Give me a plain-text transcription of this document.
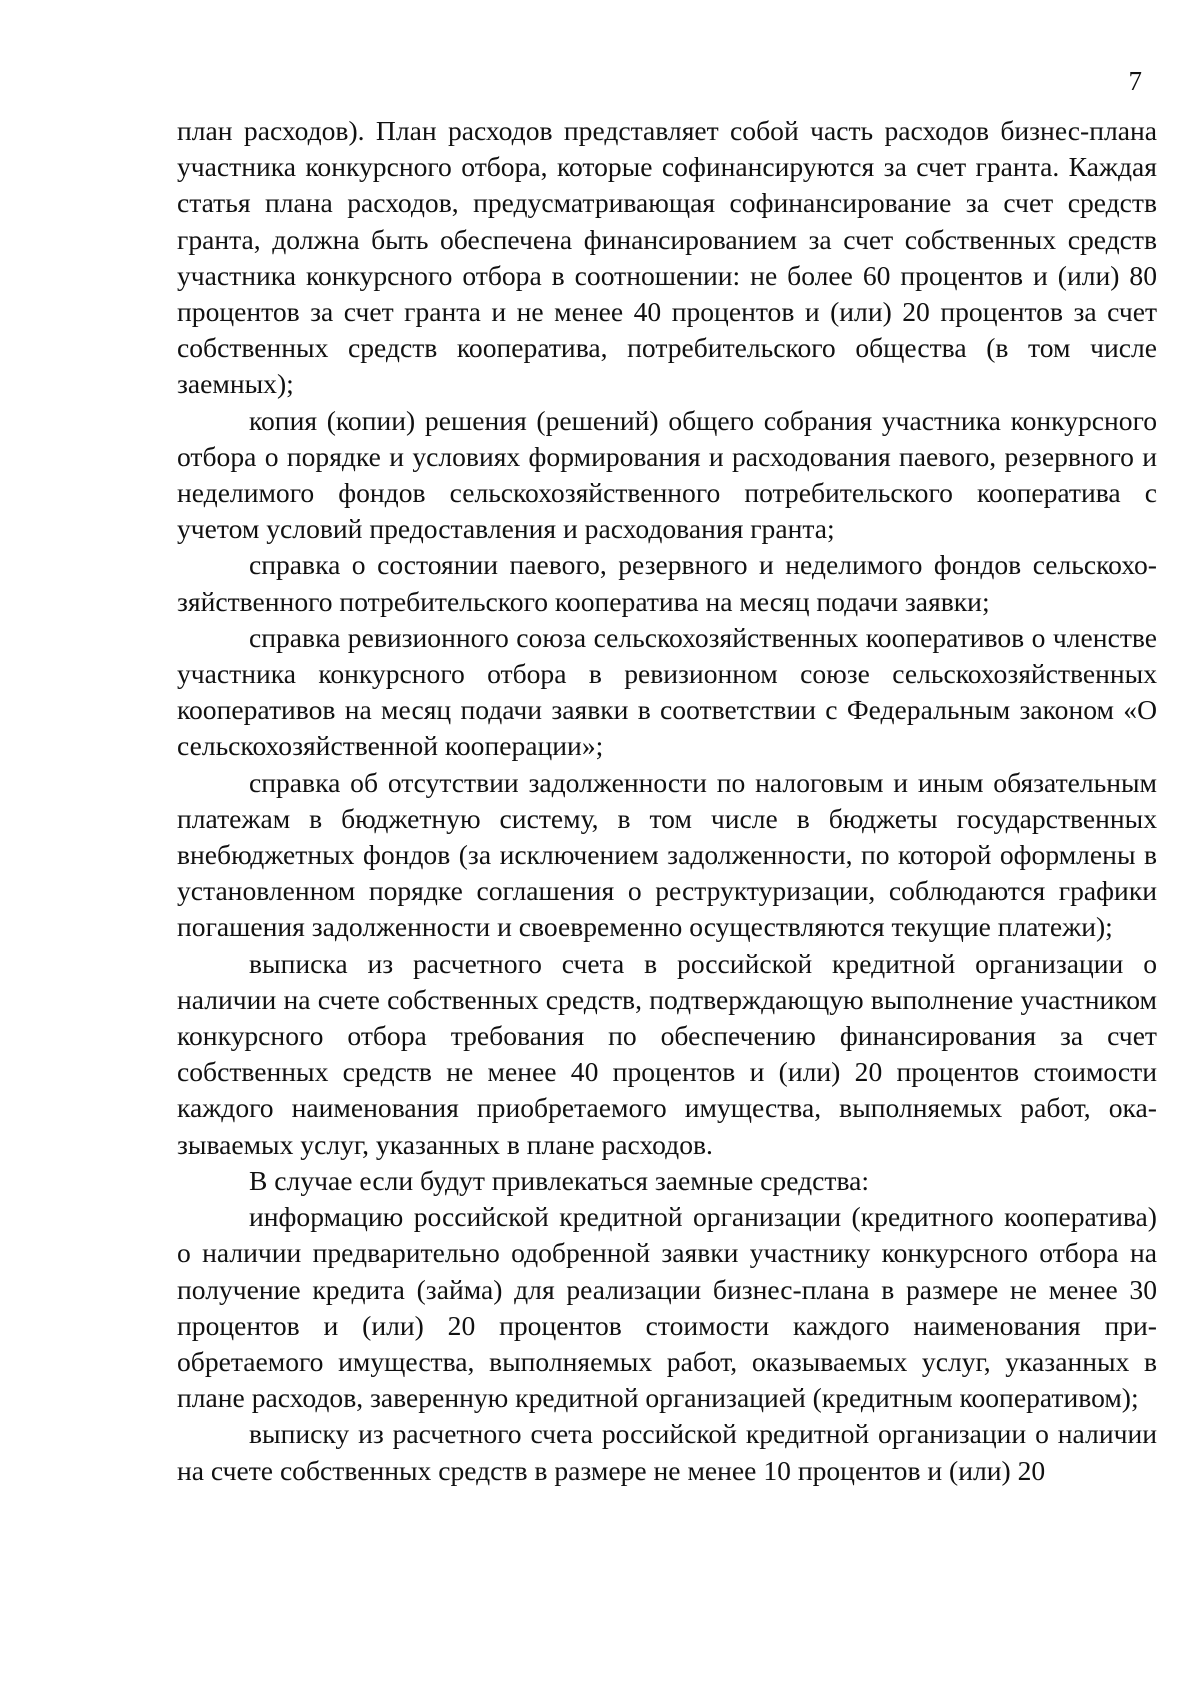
7

план расходов). План расходов представляет собой часть расходов бизнес-плана участника конкурсного отбора, которые софинансируются за счет гранта. Каждая статья плана расходов, предусматривающая софинансирование за счет средств гранта, должна быть обеспечена финансированием за счет собственных средств участника конкурсного отбора в соотношении: не более 60 процентов и (или) 80 процентов за счет гранта и не менее 40 процентов и (или) 20 процентов за счет собственных средств кооператива, потребительского общества (в том числе заемных);

копия (копии) решения (решений) общего собрания участника конкурсного отбора о порядке и условиях формирования и расходования паевого, резервного и неделимого фондов сельскохозяйственного потребительского кооператива с учетом условий предоставления и расходования гранта;

справка о состоянии паевого, резервного и неделимого фондов сельскохозяйственного потребительского кооператива на месяц подачи заявки;

справка ревизионного союза сельскохозяйственных кооперативов о членстве участника конкурсного отбора в ревизионном союзе сельскохозяйственных кооперативов на месяц подачи заявки в соответствии с Федеральным законом «О сельскохозяйственной кооперации»;

справка об отсутствии задолженности по налоговым и иным обязательным платежам в бюджетную систему, в том числе в бюджеты государственных внебюджетных фондов (за исключением задолженности, по которой оформлены в установленном порядке соглашения о реструктуризации, соблюдаются графики погашения задолженности и своевременно осуществляются текущие платежи);

выписка из расчетного счета в российской кредитной организации о наличии на счете собственных средств, подтверждающую выполнение участником конкурсного отбора требования по обеспечению финансирования за счет собственных средств не менее 40 процентов и (или) 20 процентов стоимости каждого наименования приобретаемого имущества, выполняемых работ, оказываемых услуг, указанных в плане расходов.

В случае если будут привлекаться заемные средства:

информацию российской кредитной организации (кредитного кооператива) о наличии предварительно одобренной заявки участнику конкурсного отбора на получение кредита (займа) для реализации бизнес-плана в размере не менее 30 процентов и (или) 20 процентов стоимости каждого наименования приобретаемого имущества, выполняемых работ, оказываемых услуг, указанных в плане расходов, заверенную кредитной организацией (кредитным кооперативом);

выписку из расчетного счета российской кредитной организации о наличии на счете собственных средств в размере не менее 10 процентов и (или) 20
